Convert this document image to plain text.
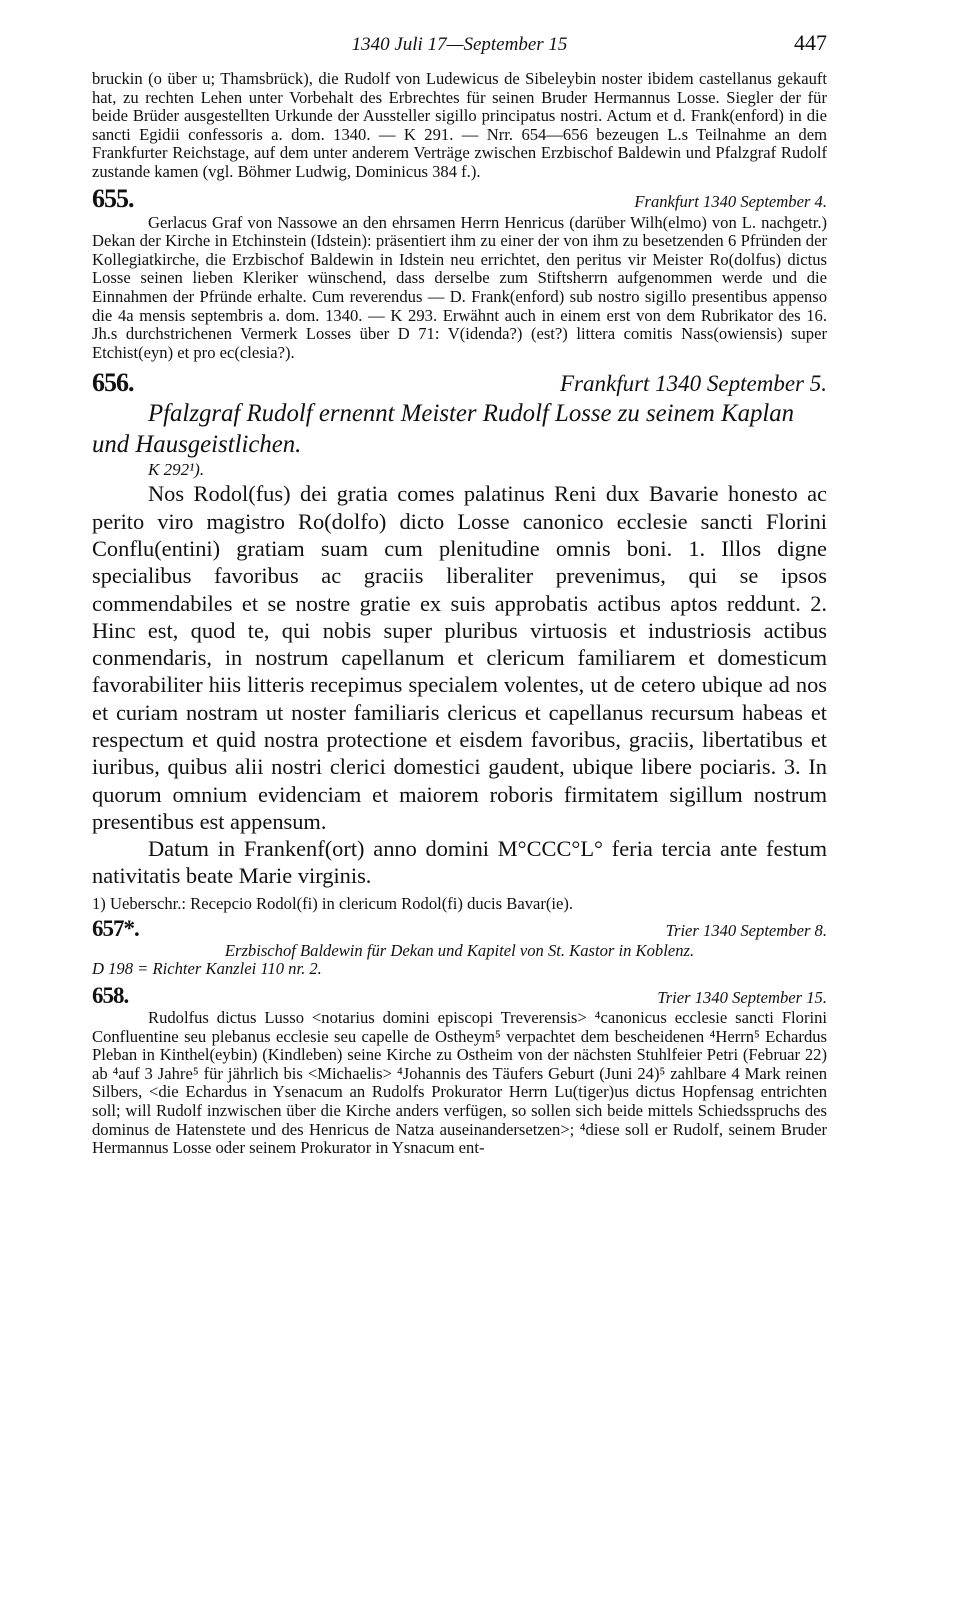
1340 Juli 17—September 15	447

bruckin (o über u; Thamsbrück), die Rudolf von Ludewicus de Sibeleybin noster ibidem castellanus gekauft hat, zu rechten Lehen unter Vorbehalt des Erbrechtes für seinen Bruder Hermannus Losse. Siegler der für beide Brüder ausgestellten Urkunde der Aussteller sigillo principatus nostri. Actum et d. Frank(enford) in die sancti Egidii confessoris a. dom. 1340. — K 291. — Nrr. 654—656 bezeugen L.s Teilnahme an dem Frankfurter Reichstage, auf dem unter anderem Verträge zwischen Erzbischof Baldewin und Pfalzgraf Rudolf zustande kamen (vgl. Böhmer Ludwig, Dominicus 384 f.).

655.	Frankfurt 1340 September 4.

Gerlacus Graf von Nassowe an den ehrsamen Herrn Henricus (darüber Wilh(elmo) von L. nachgetr.) Dekan der Kirche in Etchinstein (Idstein): präsentiert ihm zu einer der von ihm zu besetzenden 6 Pfründen der Kollegiatkirche, die Erzbischof Baldewin in Idstein neu errichtet, den peritus vir Meister Ro(dolfus) dictus Losse seinen lieben Kleriker wünschend, dass derselbe zum Stiftsherrn aufgenommen werde und die Einnahmen der Pfründe erhalte. Cum reverendus — D. Frank(enford) sub nostro sigillo presentibus appenso die 4a mensis septembris a. dom. 1340. — K 293. Erwähnt auch in einem erst von dem Rubrikator des 16. Jh.s durchstrichenen Vermerk Losses über D 71: V(idenda?) (est?) littera comitis Nass(owiensis) super Etchist(eyn) et pro ec(clesia?).

656.	Frankfurt 1340 September 5.

Pfalzgraf Rudolf ernennt Meister Rudolf Losse zu seinem Kaplan und Hausgeistlichen.

K 292¹).

Nos Rodol(fus) dei gratia comes palatinus Reni dux Bavarie honesto ac perito viro magistro Ro(dolfo) dicto Losse canonico ecclesie sancti Florini Conflu(entini) gratiam suam cum plenitudine omnis boni. 1. Illos digne specialibus favoribus ac graciis liberaliter prevenimus, qui se ipsos commendabiles et se nostre gratie ex suis approbatis actibus aptos reddunt. 2. Hinc est, quod te, qui nobis super pluribus virtuosis et industriosis actibus conmendaris, in nostrum capellanum et clericum familiarem et domesticum favorabiliter hiis litteris recepimus specialem volentes, ut de cetero ubique ad nos et curiam nostram ut noster familiaris clericus et capellanus recursum habeas et respectum et quid nostra protectione et eisdem favoribus, graciis, libertatibus et iuribus, quibus alii nostri clerici domestici gaudent, ubique libere pociaris. 3. In quorum omnium evidenciam et maiorem roboris firmitatem sigillum nostrum presentibus est appensum.

Datum in Frankenf(ort) anno domini M°CCC°L° feria tercia ante festum nativitatis beate Marie virginis.

1) Ueberschr.: Recepcio Rodol(fi) in clericum Rodol(fi) ducis Bavar(ie).

657*.	Trier 1340 September 8.

Erzbischof Baldewin für Dekan und Kapitel von St. Kastor in Koblenz.

D 198 = Richter Kanzlei 110 nr. 2.

658.	Trier 1340 September 15.

Rudolfus dictus Lusso <notarius domini episcopi Treverensis> ⁴canonicus ecclesie sancti Florini Confluentine seu plebanus ecclesie seu capelle de Ostheym⁵ verpachtet dem bescheidenen ⁴Herrn⁵ Echardus Pleban in Kinthel(eybin) (Kindleben) seine Kirche zu Ostheim von der nächsten Stuhlfeier Petri (Februar 22) ab ⁴auf 3 Jahre⁵ für jährlich bis <Michaelis> ⁴Johannis des Täufers Geburt (Juni 24)⁵ zahlbare 4 Mark reinen Silbers, <die Echardus in Ysenacum an Rudolfs Prokurator Herrn Lu(tiger)us dictus Hopfensag entrichten soll; will Rudolf inzwischen über die Kirche anders verfügen, so sollen sich beide mittels Schiedsspruchs des dominus de Hatenstete und des Henricus de Natza auseinandersetzen>; ⁴diese soll er Rudolf, seinem Bruder Hermannus Losse oder seinem Prokurator in Ysnacum ent-
